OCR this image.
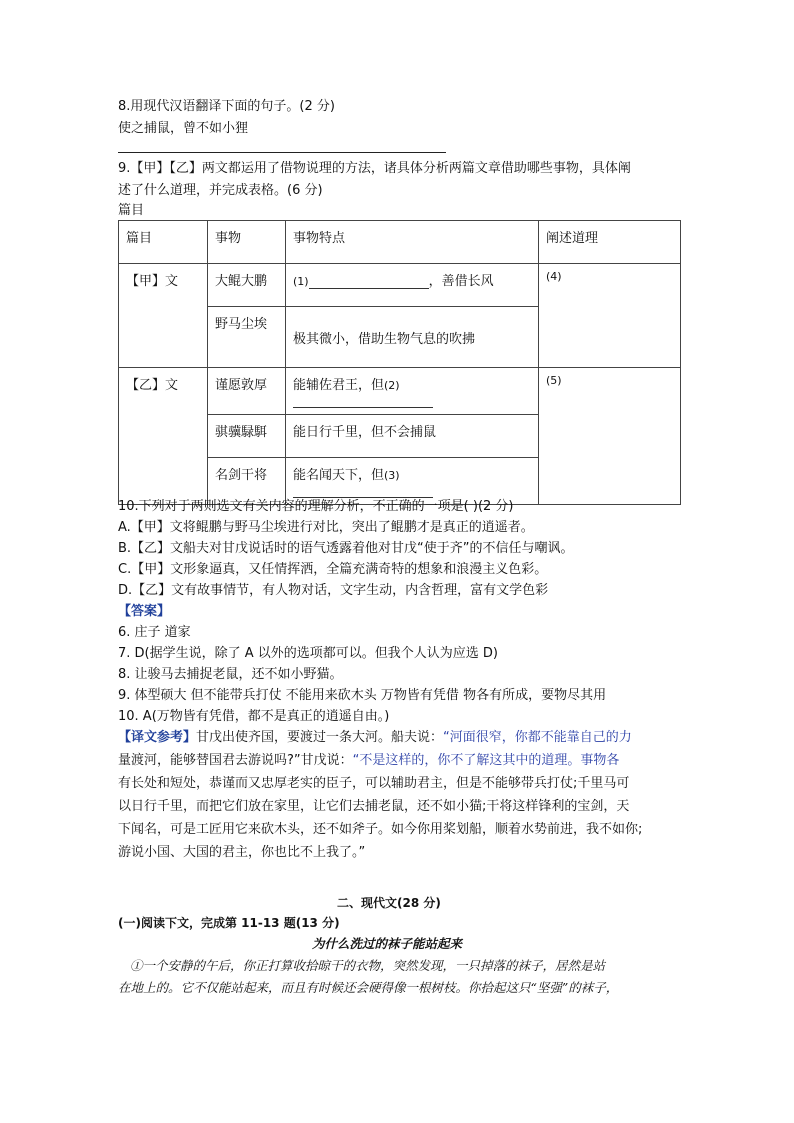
8.用现代汉语翻译下面的句子。(2 分)
使之捕鼠，曾不如小狸
9.【甲】【乙】两文都运用了借物说理的方法，诸具体分析两篇文章借助哪些事物，具体阐
述了什么道理，并完成表格。(6 分)
篇目
篇目	事物	事物特点	阐述道理
【甲】文	大鲲大鹏	(1) ，善借长风	(4)
	野马尘埃	极其微小，借助生物气息的吹拂	
【乙】文	谨愿敦厚	能辅佐君王，但(2)	(5)
	骐骥騄駬	能日行千里，但不会捕鼠	
	名剑干将	能名闻天下，但(3)	
10.下列对于两则选文有关内容的理解分析，不正确的一项是( )(2 分)
A.【甲】文将鲲鹏与野马尘埃进行对比，突出了鲲鹏才是真正的逍遥者。
B.【乙】文船夫对甘戊说话时的语气透露着他对甘戊“使于齐”的不信任与嘲讽。
C.【甲】文形象逼真，又任情挥洒，全篇充满奇特的想象和浪漫主义色彩。
D.【乙】文有故事情节，有人物对话，文字生动，内含哲理，富有文学色彩
【答案】
6. 庄子 道家
7. D(据学生说，除了 A 以外的选项都可以。但我个人认为应选 D)
8. 让骏马去捕捉老鼠，还不如小野猫。
9. 体型硕大 但不能带兵打仗 不能用来砍木头 万物皆有凭借 物各有所成，要物尽其用
10. A(万物皆有凭借，都不是真正的逍遥自由。)
【译文参考】甘戊出使齐国，要渡过一条大河。船夫说：“河面很窄，你都不能靠自己的力
量渡河，能够替国君去游说吗?”甘戊说：“不是这样的，你不了解这其中的道理。事物各
有长处和短处，恭谨而又忠厚老实的臣子，可以辅助君主，但是不能够带兵打仗;千里马可
以日行千里，而把它们放在家里，让它们去捕老鼠，还不如小猫;干将这样锋利的宝剑，天
下闻名，可是工匠用它来砍木头，还不如斧子。如今你用桨划船，顺着水势前进，我不如你;
游说小国、大国的君主，你也比不上我了。”
二、现代文(28 分)
(一)阅读下文，完成第 11-13 题(13 分)
为什么洗过的袜子能站起来
①一个安静的午后，你正打算收拾晾干的衣物，突然发现，一只掉落的袜子，居然是站
在地上的。它不仅能站起来，而且有时候还会硬得像一根树枝。你拾起这只“坚强”的袜子，
